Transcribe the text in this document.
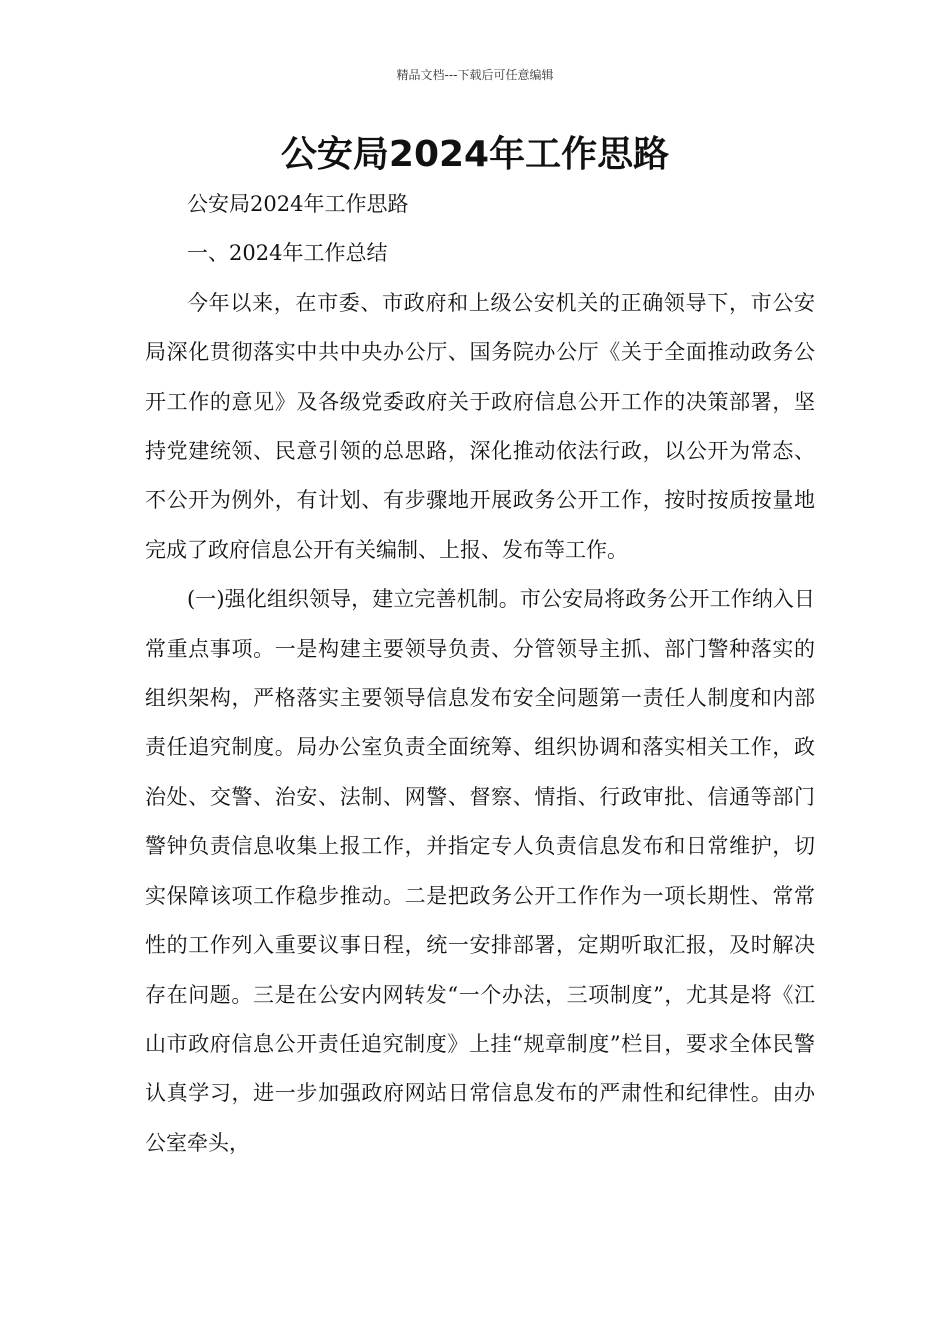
精品文档---下载后可任意编辑
公安局2024年工作思路

公安局2024年工作思路

一、2024年工作总结

今年以来，在市委、市政府和上级公安机关的正确领导下，市公安局深化贯彻落实中共中央办公厅、国务院办公厅《关于全面推动政务公开工作的意见》及各级党委政府关于政府信息公开工作的决策部署，坚持党建统领、民意引领的总思路，深化推动依法行政，以公开为常态、不公开为例外，有计划、有步骤地开展政务公开工作，按时按质按量地完成了政府信息公开有关编制、上报、发布等工作。

(一)强化组织领导，建立完善机制。市公安局将政务公开工作纳入日常重点事项。一是构建主要领导负责、分管领导主抓、部门警种落实的组织架构，严格落实主要领导信息发布安全问题第一责任人制度和内部责任追究制度。局办公室负责全面统筹、组织协调和落实相关工作，政治处、交警、治安、法制、网警、督察、情指、行政审批、信通等部门警钟负责信息收集上报工作，并指定专人负责信息发布和日常维护，切实保障该项工作稳步推动。二是把政务公开工作作为一项长期性、常常性的工作列入重要议事日程，统一安排部署，定期听取汇报，及时解决存在问题。三是在公安内网转发“一个办法，三项制度”，尤其是将《江山市政府信息公开责任追究制度》上挂“规章制度”栏目，要求全体民警认真学习，进一步加强政府网站日常信息发布的严肃性和纪律性。由办公室牵头，
